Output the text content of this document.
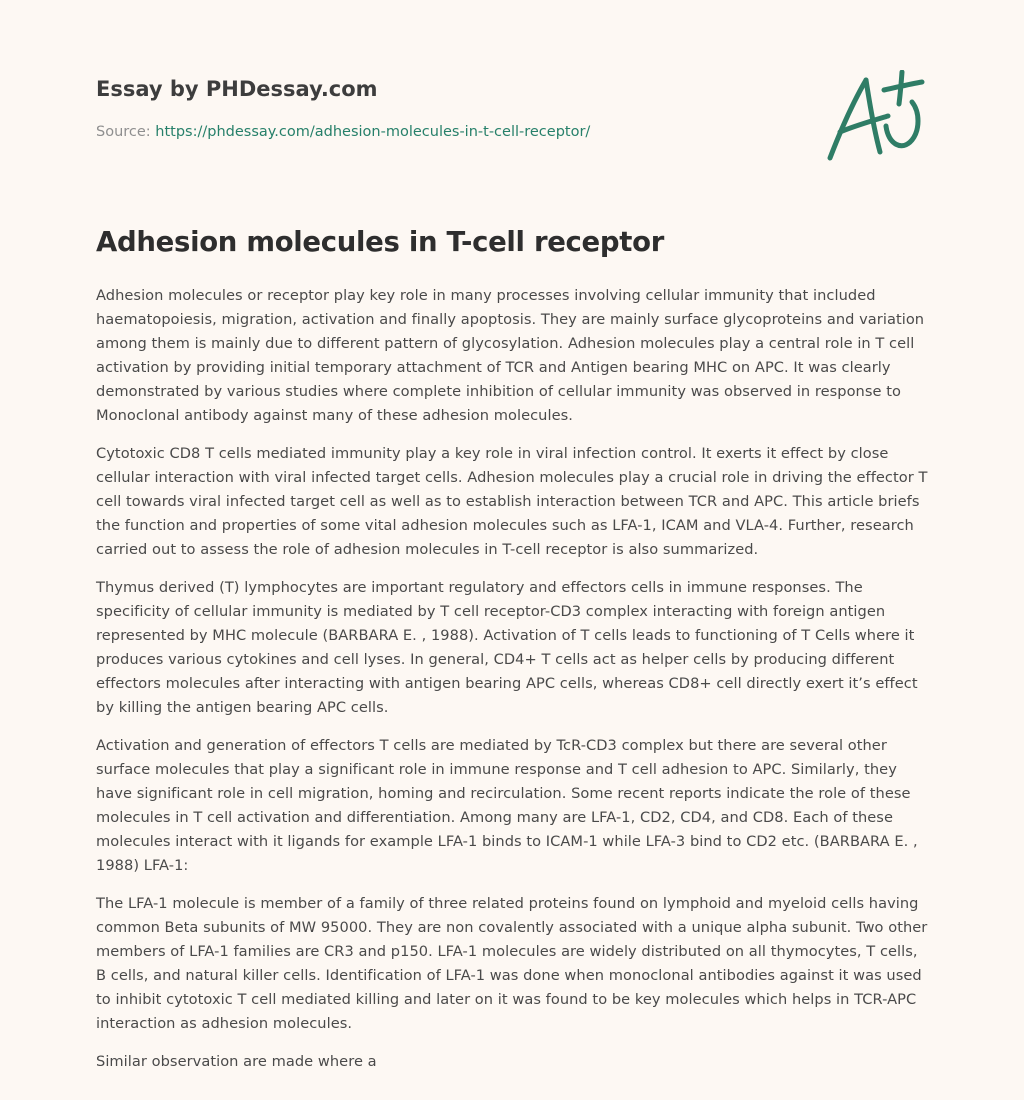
Essay by PHDessay.com
Source: https://phdessay.com/adhesion-molecules-in-t-cell-receptor/
Adhesion molecules in T-cell receptor

Adhesion molecules or receptor play key role in many processes involving cellular immunity that included haematopoiesis, migration, activation and finally apoptosis. They are mainly surface glycoproteins and variation among them is mainly due to different pattern of glycosylation. Adhesion molecules play a central role in T cell activation by providing initial temporary attachment of TCR and Antigen bearing MHC on APC. It was clearly demonstrated by various studies where complete inhibition of cellular immunity was observed in response to Monoclonal antibody against many of these adhesion molecules.

Cytotoxic CD8 T cells mediated immunity play a key role in viral infection control. It exerts it effect by close cellular interaction with viral infected target cells. Adhesion molecules play a crucial role in driving the effector T cell towards viral infected target cell as well as to establish interaction between TCR and APC. This article briefs the function and properties of some vital adhesion molecules such as LFA-1, ICAM and VLA-4. Further, research carried out to assess the role of adhesion molecules in T-cell receptor is also summarized.

Thymus derived (T) lymphocytes are important regulatory and effectors cells in immune responses. The specificity of cellular immunity is mediated by T cell receptor-CD3 complex interacting with foreign antigen represented by MHC molecule (BARBARA E. , 1988). Activation of T cells leads to functioning of T Cells where it produces various cytokines and cell lyses. In general, CD4+ T cells act as helper cells by producing different effectors molecules after interacting with antigen bearing APC cells, whereas CD8+ cell directly exert it’s effect by killing the antigen bearing APC cells.

Activation and generation of effectors T cells are mediated by TcR-CD3 complex but there are several other surface molecules that play a significant role in immune response and T cell adhesion to APC. Similarly, they have significant role in cell migration, homing and recirculation. Some recent reports indicate the role of these molecules in T cell activation and differentiation. Among many are LFA-1, CD2, CD4, and CD8. Each of these molecules interact with it ligands for example LFA-1 binds to ICAM-1 while LFA-3 bind to CD2 etc. (BARBARA E. , 1988) LFA-1:

The LFA-1 molecule is member of a family of three related proteins found on lymphoid and myeloid cells having common Beta subunits of MW 95000. They are non covalently associated with a unique alpha subunit. Two other members of LFA-1 families are CR3 and p150. LFA-1 molecules are widely distributed on all thymocytes, T cells, B cells, and natural killer cells. Identification of LFA-1 was done when monoclonal antibodies against it was used to inhibit cytotoxic T cell mediated killing and later on it was found to be key molecules which helps in TCR-APC interaction as adhesion molecules.

Similar observation are made where a
